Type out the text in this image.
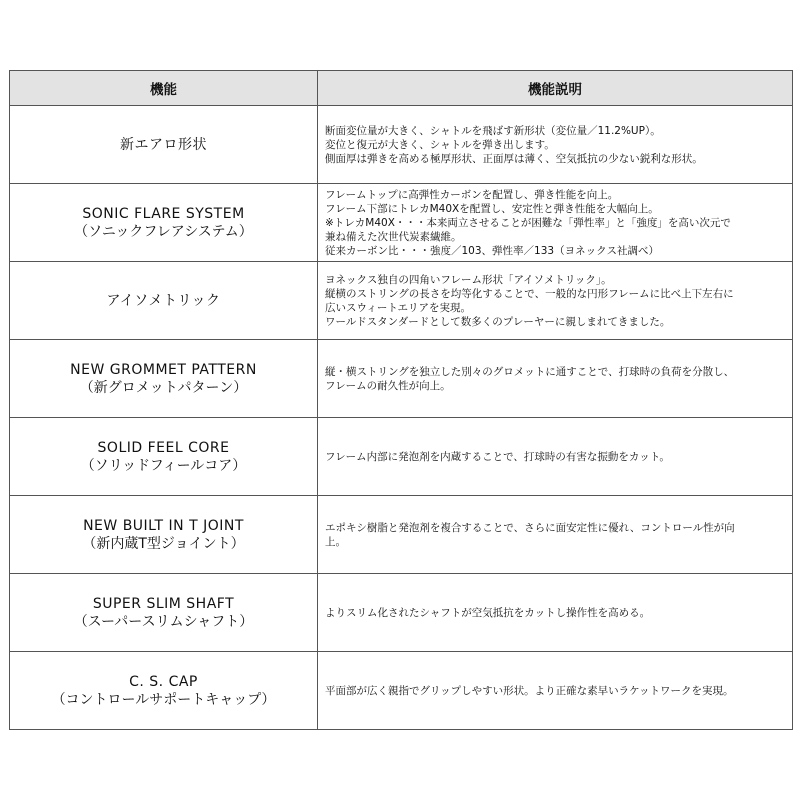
機能	機能説明

新エアロ形状	断面変位量が大きく、シャトルを飛ばす新形状（変位量／11.2%UP）。
変位と復元が大きく、シャトルを弾き出します。
側面厚は弾きを高める極厚形状、正面厚は薄く、空気抵抗の少ない鋭利な形状。

SONIC FLARE SYSTEM
（ソニックフレアシステム）	フレームトップに高弾性カーボンを配置し、弾き性能を向上。
フレーム下部にトレカM40Xを配置し、安定性と弾き性能を大幅向上。
※トレカM40X・・・本来両立させることが困難な「弾性率」と「強度」を高い次元で
兼ね備えた次世代炭素繊維。
従来カーボン比・・・強度／103、弾性率／133（ヨネックス社調べ）

アイソメトリック	ヨネックス独自の四角いフレーム形状「アイソメトリック」。
縦横のストリングの長さを均等化することで、一般的な円形フレームに比べ上下左右に
広いスウィートエリアを実現。
ワールドスタンダードとして数多くのプレーヤーに親しまれてきました。

NEW GROMMET PATTERN
（新グロメットパターン）	縦・横ストリングを独立した別々のグロメットに通すことで、打球時の負荷を分散し、
フレームの耐久性が向上。

SOLID FEEL CORE
（ソリッドフィールコア）	フレーム内部に発泡剤を内蔵することで、打球時の有害な振動をカット。

NEW BUILT IN T JOINT
（新内蔵T型ジョイント）	エポキシ樹脂と発泡剤を複合することで、さらに面安定性に優れ、コントロール性が向
上。

SUPER SLIM SHAFT
（スーパースリムシャフト）	よりスリム化されたシャフトが空気抵抗をカットし操作性を高める。

C. S. CAP
（コントロールサポートキャップ）	平面部が広く親指でグリップしやすい形状。より正確な素早いラケットワークを実現。
